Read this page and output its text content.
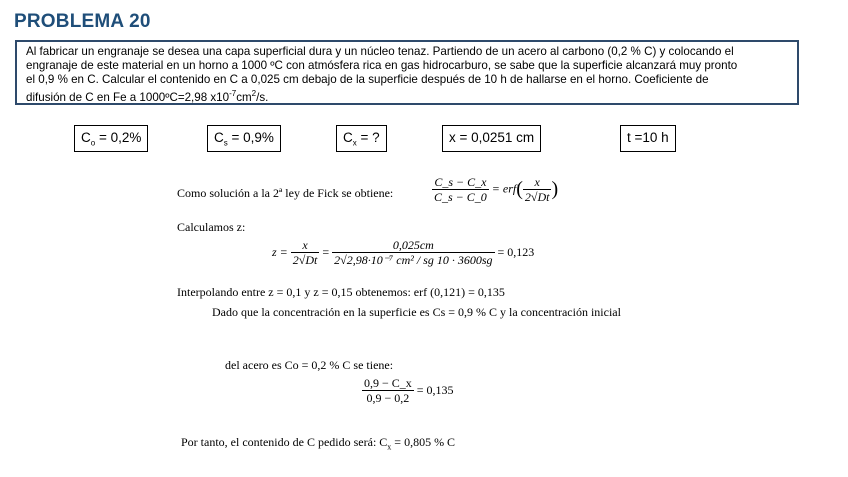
PROBLEMA 20
Al fabricar un engranaje se desea una capa superficial dura y un núcleo tenaz. Partiendo de un acero al carbono (0,2 % C) y colocando el
engranaje de este material en un horno a 1000 ºC con atmósfera rica en gas hidrocarburo, se sabe que la superficie alcanzará muy pronto
el 0,9 % en C. Calcular el contenido en C a 0,025 cm debajo de la superficie después de 10 h de hallarse en el horno. Coeficiente de
difusión de C en Fe a 1000ºC=2,98 $x10^{-7}cm^2/s$.
$C_o = 0,2\%$	$C_s = 0,9\%$	$C_x$ = ?	x = 0,0251 cm	t =10 h
Como solución a la 2ª ley de Fick se obtiene:	$\frac{C\_s - C\_x}{C\_s - C\_0} = erf( \frac{x}{2√Dt}$ )
Calculamos z:
$z = \frac{x}{2√Dt} = \frac{0,025cm}{\text{2√2,98·10⁻⁷ cm² / sg 10 · 3600sg}} = 0,123$
Interpolando entre z = 0,1 y z = 0,15 obtenemos: erf (0,121) = 0,135
Dado que la concentración en la superficie es Cs = 0,9 % C y la concentración inicial
del acero es Co = 0,2 % C se tiene:
$\frac{0,9 - C\_x}{0,9 - 0,2} = 0,135$
Por tanto, el contenido de C pedido será: $C_x = 0,805$ % C
